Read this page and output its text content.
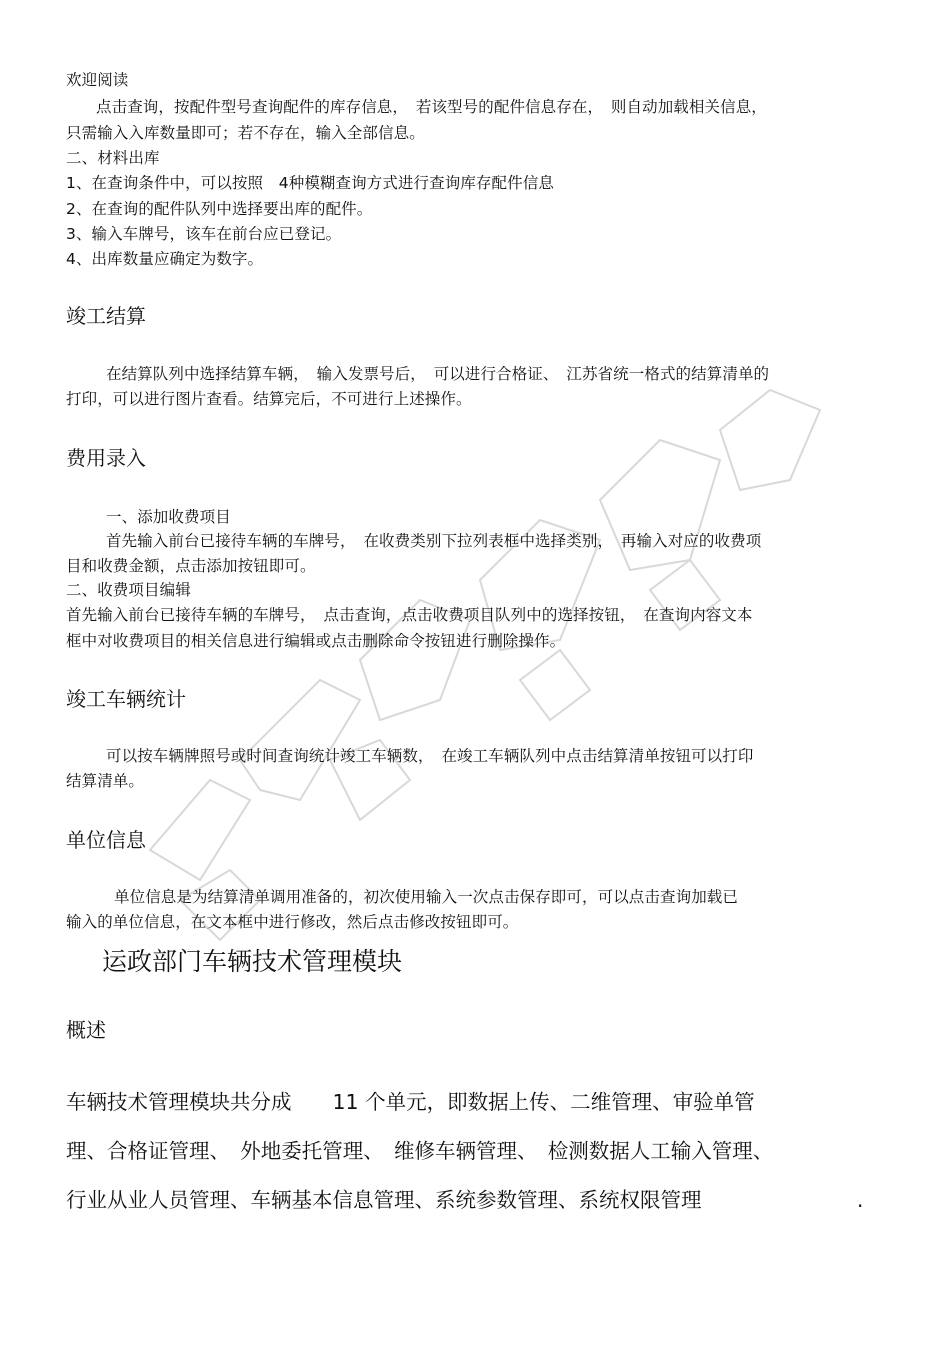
欢迎阅读
点击查询，按配件型号查询配件的库存信息，　若该型号的配件信息存在，　则自动加载相关信息，
只需输入入库数量即可；若不存在，输入全部信息。
二、材料出库
1、在查询条件中，可以按照　4种模糊查询方式进行查询库存配件信息
2、在查询的配件队列中选择要出库的配件。
3、输入车牌号，该车在前台应已登记。
4、出库数量应确定为数字。
竣工结算
在结算队列中选择结算车辆，　输入发票号后，　可以进行合格证、　江苏省统一格式的结算清单的
打印，可以进行图片查看。结算完后，不可进行上述操作。
费用录入
一、添加收费项目
首先输入前台已接待车辆的车牌号，　在收费类别下拉列表框中选择类别，　再输入对应的收费项
目和收费金额，点击添加按钮即可。
二、收费项目编辑
首先输入前台已接待车辆的车牌号，　点击查询，点击收费项目队列中的选择按钮，　在查询内容文本
框中对收费项目的相关信息进行编辑或点击删除命令按钮进行删除操作。
竣工车辆统计
可以按车辆牌照号或时间查询统计竣工车辆数，　在竣工车辆队列中点击结算清单按钮可以打印
结算清单。
单位信息
单位信息是为结算清单调用准备的，初次使用输入一次点击保存即可，可以点击查询加载已
输入的单位信息，在文本框中进行修改，然后点击修改按钮即可。
运政部门车辆技术管理模块
概述
车辆技术管理模块共分成　　11 个单元，即数据上传、二维管理、审验单管
理、合格证管理、　外地委托管理、　维修车辆管理、　检测数据人工输入管理、
行业从业人员管理、车辆基本信息管理、系统参数管理、系统权限管理	.
